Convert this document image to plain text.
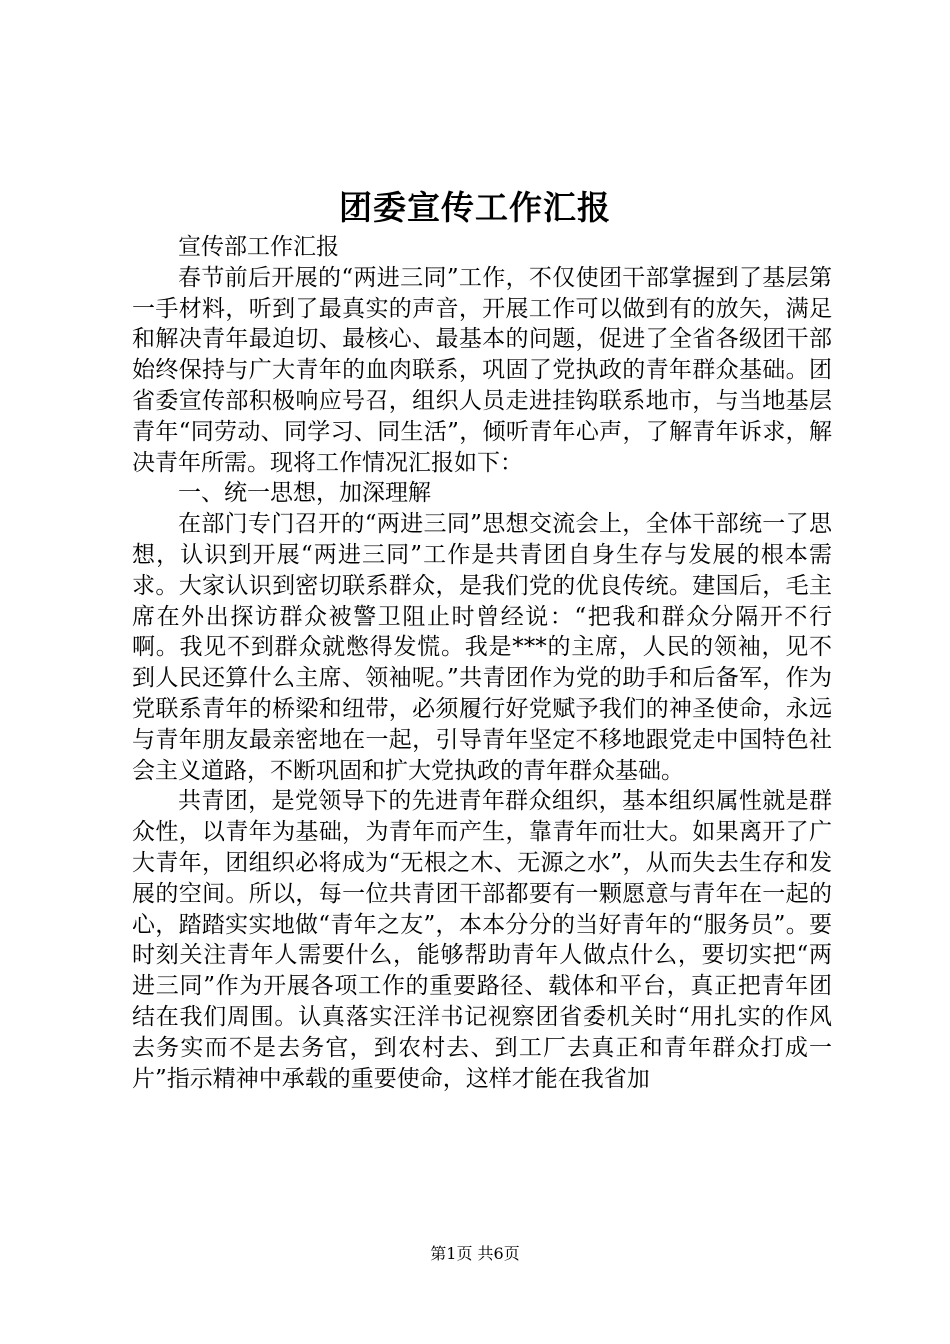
团委宣传工作汇报

宣传部工作汇报

春节前后开展的“两进三同”工作，不仅使团干部掌握到了基层第一手材料，听到了最真实的声音，开展工作可以做到有的放矢，满足和解决青年最迫切、最核心、最基本的问题，促进了全省各级团干部始终保持与广大青年的血肉联系，巩固了党执政的青年群众基础。团省委宣传部积极响应号召，组织人员走进挂钩联系地市，与当地基层青年“同劳动、同学习、同生活”，倾听青年心声，了解青年诉求，解决青年所需。现将工作情况汇报如下：

一、统一思想，加深理解

在部门专门召开的“两进三同”思想交流会上，全体干部统一了思想，认识到开展“两进三同”工作是共青团自身生存与发展的根本需求。大家认识到密切联系群众，是我们党的优良传统。建国后，毛主席在外出探访群众被警卫阻止时曾经说：“把我和群众分隔开不行啊。我见不到群众就憋得发慌。我是***的主席，人民的领袖，见不到人民还算什么主席、领袖呢。”共青团作为党的助手和后备军，作为党联系青年的桥梁和纽带，必须履行好党赋予我们的神圣使命，永远与青年朋友最亲密地在一起，引导青年坚定不移地跟党走中国特色社会主义道路，不断巩固和扩大党执政的青年群众基础。

共青团，是党领导下的先进青年群众组织，基本组织属性就是群众性，以青年为基础，为青年而产生，靠青年而壮大。如果离开了广大青年，团组织必将成为“无根之木、无源之水”，从而失去生存和发展的空间。所以，每一位共青团干部都要有一颗愿意与青年在一起的心，踏踏实实地做“青年之友”，本本分分的当好青年的“服务员”。要时刻关注青年人需要什么，能够帮助青年人做点什么，要切实把“两进三同”作为开展各项工作的重要路径、载体和平台，真正把青年团结在我们周围。认真落实汪洋书记视察团省委机关时“用扎实的作风去务实而不是去务官，到农村去、到工厂去真正和青年群众打成一片”指示精神中承载的重要使命，这样才能在我省加

第1页 共6页
